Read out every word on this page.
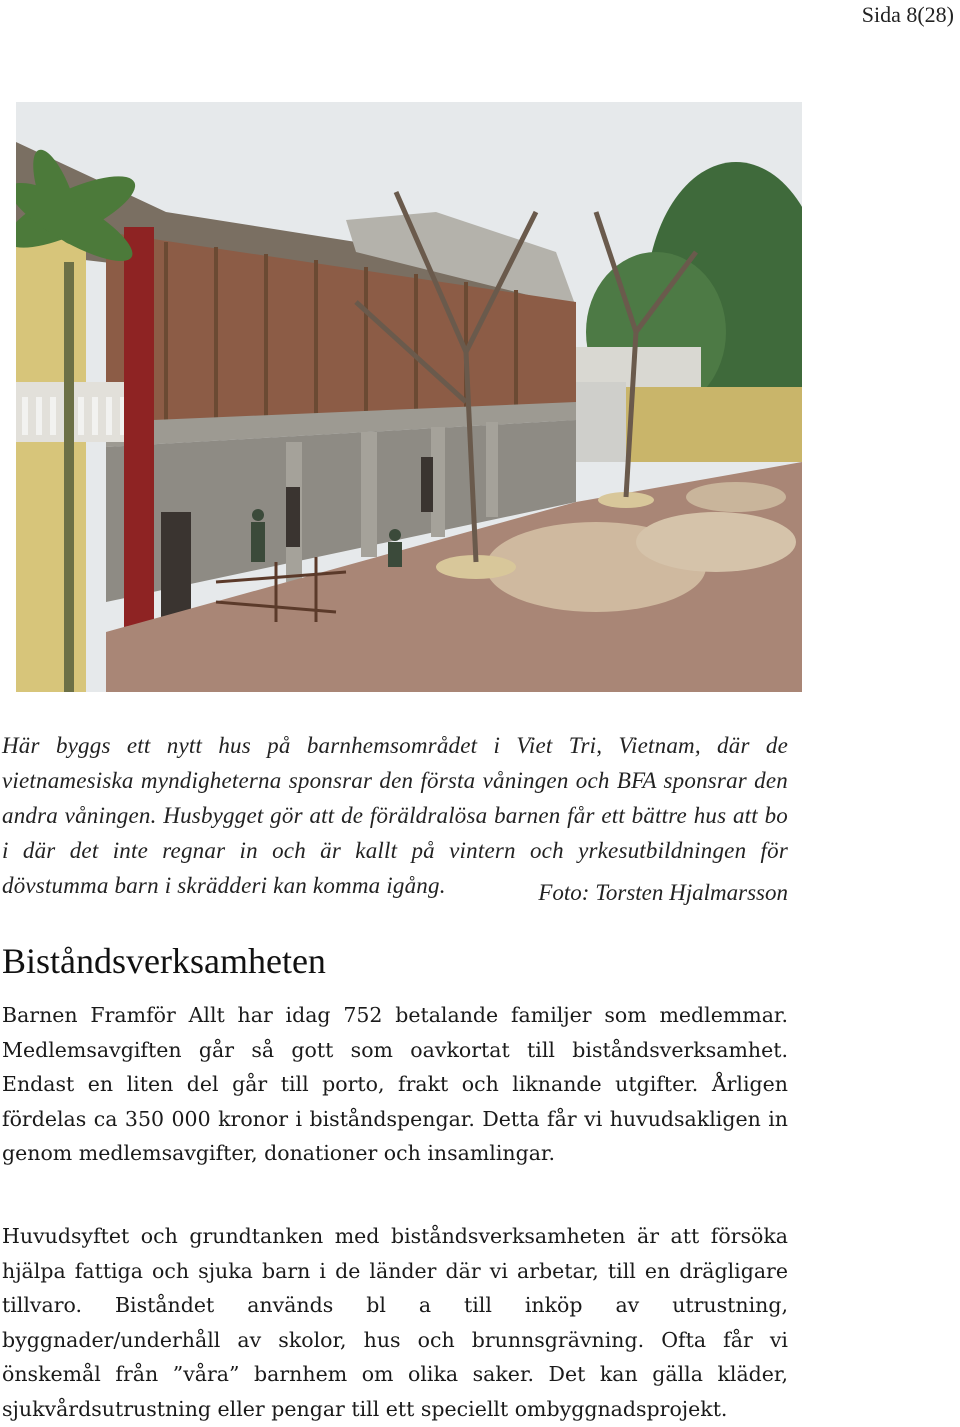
Sida 8(28)

Här byggs ett nytt hus på barnhemsområdet i Viet Tri, Vietnam, där de vietnamesiska myndigheterna sponsrar den första våningen och BFA sponsrar den andra våningen. Husbygget gör att de föräldralösa barnen får ett bättre hus att bo i där det inte regnar in och är kallt på vintern och yrkesutbildningen för dövstumma barn i skrädderi kan komma igång.	Foto: Torsten Hjalmarsson
Biståndsverksamheten

Barnen Framför Allt har idag 752 betalande familjer som medlemmar. Medlemsavgiften går så gott som oavkortat till biståndsverksamhet. Endast en liten del går till porto, frakt och liknande utgifter. Årligen fördelas ca 350 000 kronor i biståndspengar. Detta får vi huvudsakligen in genom medlemsavgifter, donationer och insamlingar.

Huvudsyftet och grundtanken med biståndsverksamheten är att försöka hjälpa fattiga och sjuka barn i de länder där vi arbetar, till en drägligare tillvaro. Biståndet används bl a till inköp av utrustning, byggnader/underhåll av skolor, hus och brunnsgrävning. Ofta får vi önskemål från ”våra” barnhem om olika saker. Det kan gälla kläder, sjukvårdsutrustning eller pengar till ett speciellt ombyggnadsprojekt.
